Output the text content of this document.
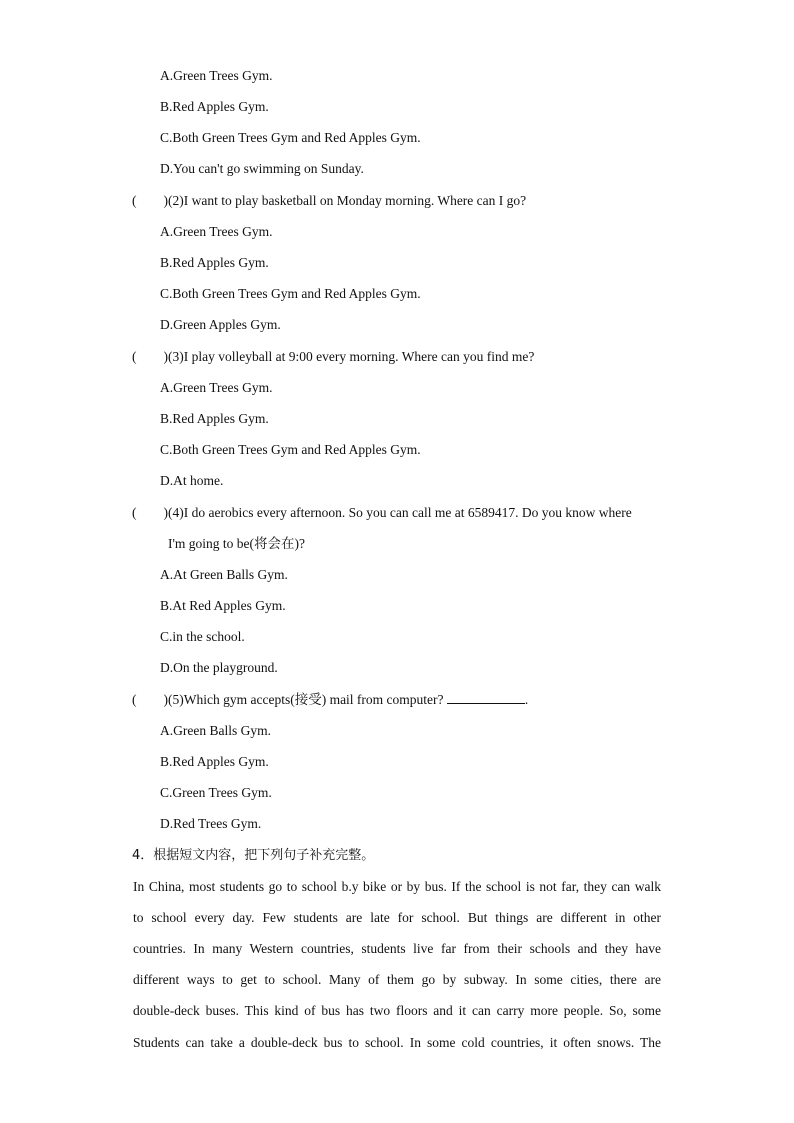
A.Green Trees Gym.
B.Red Apples Gym.
C.Both Green Trees Gym and Red Apples Gym.
D.You can't go swimming on Sunday.
(　　)(2)I want to play basketball on Monday morning. Where can I go?
A.Green Trees Gym.
B.Red Apples Gym.
C.Both Green Trees Gym and Red Apples Gym.
D.Green Apples Gym.
(　　)(3)I play volleyball at 9:00 every morning. Where can you find me?
A.Green Trees Gym.
B.Red Apples Gym.
C.Both Green Trees Gym and Red Apples Gym.
D.At home.
(　　)(4)I do aerobics every afternoon. So you can call me at 6589417. Do you know where
I'm going to be(将会在)?
A.At Green Balls Gym.
B.At Red Apples Gym.
C.in the school.
D.On the playground.
(　　)(5)Which gym accepts(接受) mail from computer?	.
A.Green Balls Gym.
B.Red Apples Gym.
C.Green Trees Gym.
D.Red Trees Gym.
4．根据短文内容，把下列句子补充完整。
In China, most students go to school b.y bike or by bus. If the school is not far, they can walk
to school every day. Few students are late for school. But things are different in other
countries. In many Western countries, students live far from their schools and they have
different ways to get to school. Many of them go by subway. In some cities, there are
double-deck buses. This kind of bus has two floors and it can carry more people. So, some
Students can take a double-deck bus to school. In some cold countries, it often snows. The
